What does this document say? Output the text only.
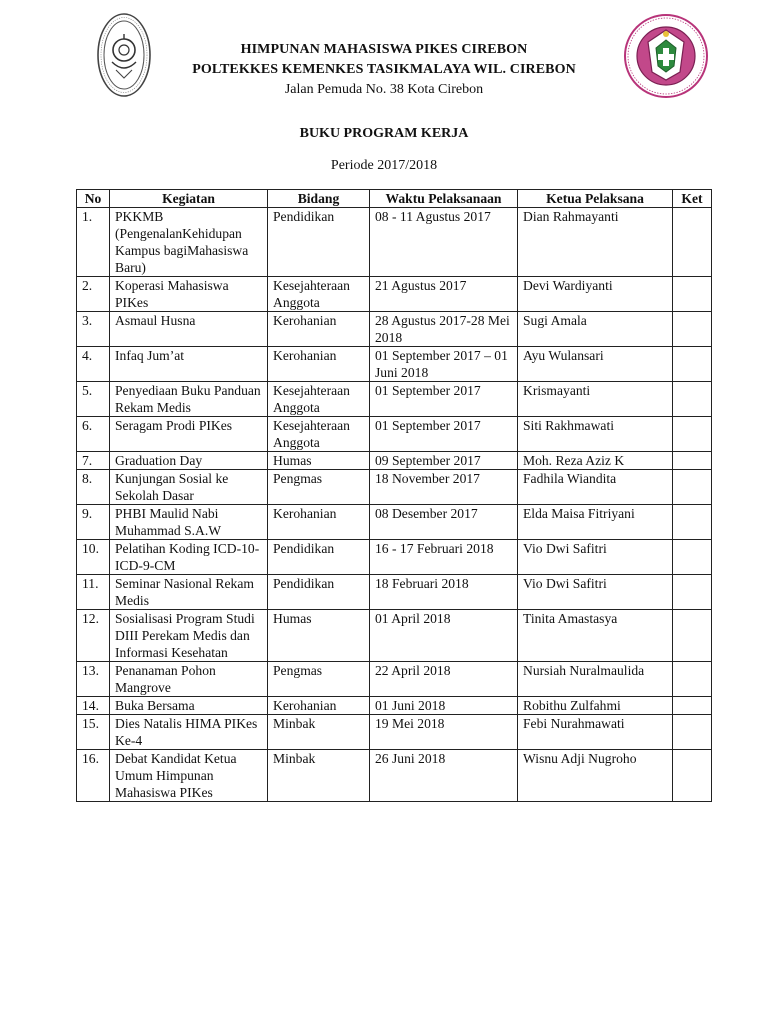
HIMPUNAN MAHASISWA PIKES CIREBON
POLTEKKES KEMENKES TASIKMALAYA WIL. CIREBON
Jalan Pemuda No. 38 Kota Cirebon
BUKU PROGRAM KERJA
Periode 2017/2018
No	Kegiatan	Bidang	Waktu Pelaksanaan	Ketua Pelaksana	Ket
1.	PKKMB (PengenalanKehidupan Kampus bagiMahasiswa Baru)	Pendidikan	08 - 11 Agustus 2017	Dian Rahmayanti	
2.	Koperasi Mahasiswa PIKes	Kesejahteraan Anggota	21 Agustus 2017	Devi Wardiyanti	
3.	Asmaul Husna	Kerohanian	28 Agustus 2017-28 Mei 2018	Sugi Amala	
4.	Infaq Jum’at	Kerohanian	01 September 2017 – 01 Juni 2018	Ayu Wulansari	
5.	Penyediaan Buku Panduan Rekam Medis	Kesejahteraan Anggota	01 September 2017	Krismayanti	
6.	Seragam Prodi PIKes	Kesejahteraan Anggota	01 September 2017	Siti Rakhmawati	
7.	Graduation Day	Humas	09 September 2017	Moh. Reza Aziz K	
8.	Kunjungan Sosial ke Sekolah Dasar	Pengmas	18 November 2017	Fadhila Wiandita	
9.	PHBI Maulid Nabi Muhammad S.A.W	Kerohanian	08 Desember 2017	Elda Maisa Fitriyani	
10.	Pelatihan Koding ICD-10-ICD-9-CM	Pendidikan	16 - 17 Februari 2018	Vio Dwi Safitri	
11.	Seminar Nasional Rekam Medis	Pendidikan	18 Februari 2018	Vio Dwi Safitri	
12.	Sosialisasi Program Studi DIII Perekam Medis dan Informasi Kesehatan	Humas	01 April 2018	Tinita Amastasya	
13.	Penanaman Pohon Mangrove	Pengmas	22 April 2018	Nursiah Nuralmaulida	
14.	Buka Bersama	Kerohanian	01 Juni 2018	Robithu Zulfahmi	
15.	Dies Natalis HIMA PIKes Ke-4	Minbak	19 Mei 2018	Febi Nurahmawati	
16.	Debat Kandidat Ketua Umum Himpunan Mahasiswa PIKes	Minbak	26 Juni 2018	Wisnu Adji Nugroho	
